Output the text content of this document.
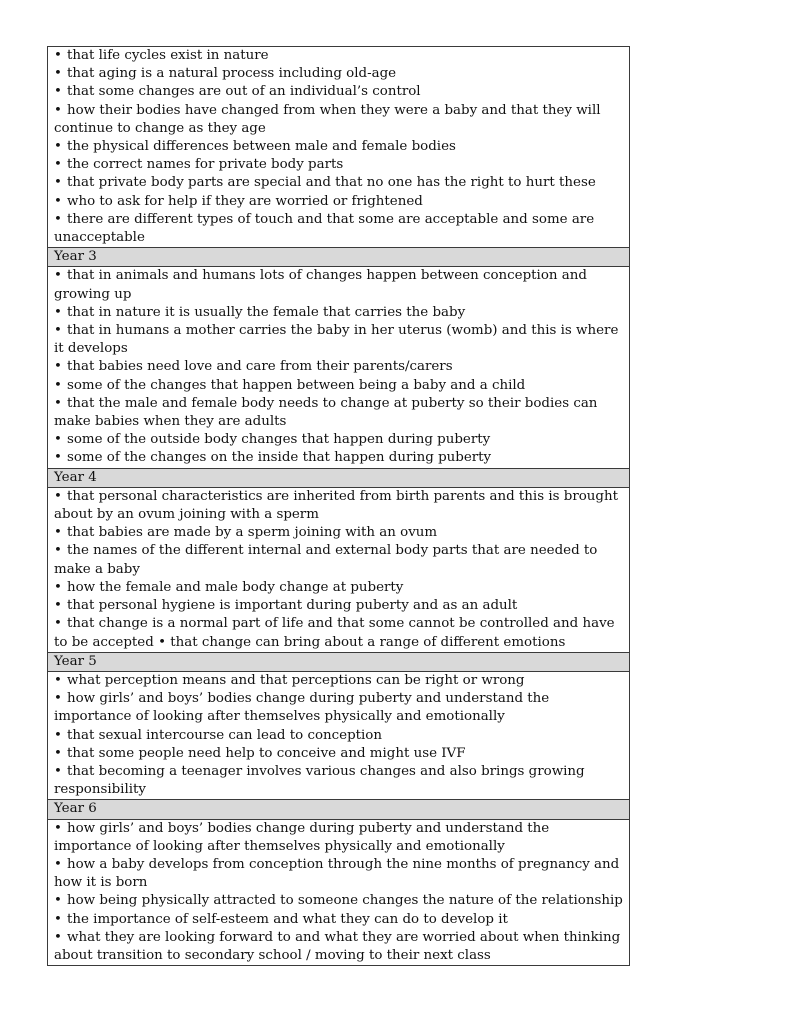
• that life cycles exist in nature
• that aging is a natural process including old-age
• that some changes are out of an individual’s control
• how their bodies have changed from when they were a baby and that they will continue to change as they age
• the physical differences between male and female bodies
• the correct names for private body parts
• that private body parts are special and that no one has the right to hurt these
• who to ask for help if they are worried or frightened
• there are different types of touch and that some are acceptable and some are unacceptable

Year 3

• that in animals and humans lots of changes happen between conception and growing up
• that in nature it is usually the female that carries the baby
• that in humans a mother carries the baby in her uterus (womb) and this is where it develops
• that babies need love and care from their parents/carers
• some of the changes that happen between being a baby and a child
• that the male and female body needs to change at puberty so their bodies can make babies when they are adults
• some of the outside body changes that happen during puberty
• some of the changes on the inside that happen during puberty

Year 4

• that personal characteristics are inherited from birth parents and this is brought about by an ovum joining with a sperm
• that babies are made by a sperm joining with an ovum
• the names of the different internal and external body parts that are needed to make a baby
• how the female and male body change at puberty
• that personal hygiene is important during puberty and as an adult
• that change is a normal part of life and that some cannot be controlled and have to be accepted • that change can bring about a range of different emotions

Year 5

• what perception means and that perceptions can be right or wrong
• how girls’ and boys’ bodies change during puberty and understand the importance of looking after themselves physically and emotionally
• that sexual intercourse can lead to conception
• that some people need help to conceive and might use IVF
• that becoming a teenager involves various changes and also brings growing responsibility

Year 6

• how girls’ and boys’ bodies change during puberty and understand the importance of looking after themselves physically and emotionally
• how a baby develops from conception through the nine months of pregnancy and how it is born
• how being physically attracted to someone changes the nature of the relationship
• the importance of self-esteem and what they can do to develop it
• what they are looking forward to and what they are worried about when thinking about transition to secondary school / moving to their next class
